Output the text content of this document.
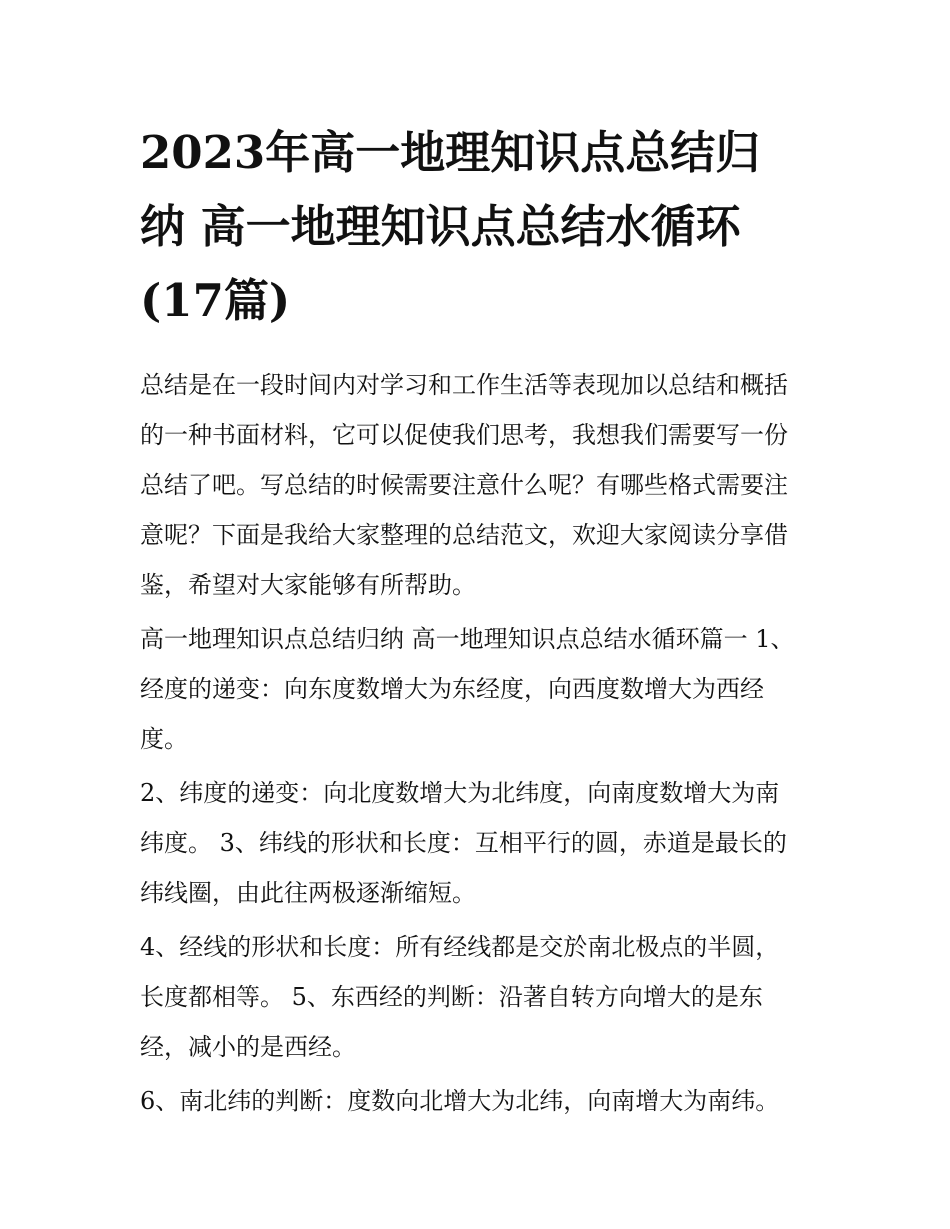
2023年高一地理知识点总结归
纳 高一地理知识点总结水循环
(17篇)

总结是在一段时间内对学习和工作生活等表现加以总结和概括
的一种书面材料，它可以促使我们思考，我想我们需要写一份
总结了吧。写总结的时候需要注意什么呢？有哪些格式需要注
意呢？下面是我给大家整理的总结范文，欢迎大家阅读分享借
鉴，希望对大家能够有所帮助。

高一地理知识点总结归纳 高一地理知识点总结水循环篇一 1、
经度的递变：向东度数增大为东经度，向西度数增大为西经
度。

2、纬度的递变：向北度数增大为北纬度，向南度数增大为南
纬度。 3、纬线的形状和长度：互相平行的圆，赤道是最长的
纬线圈，由此往两极逐渐缩短。

4、经线的形状和长度：所有经线都是交於南北极点的半圆，
长度都相等。 5、东西经的判断：沿著自转方向增大的是东
经，减小的是西经。

6、南北纬的判断：度数向北增大为北纬，向南增大为南纬。
